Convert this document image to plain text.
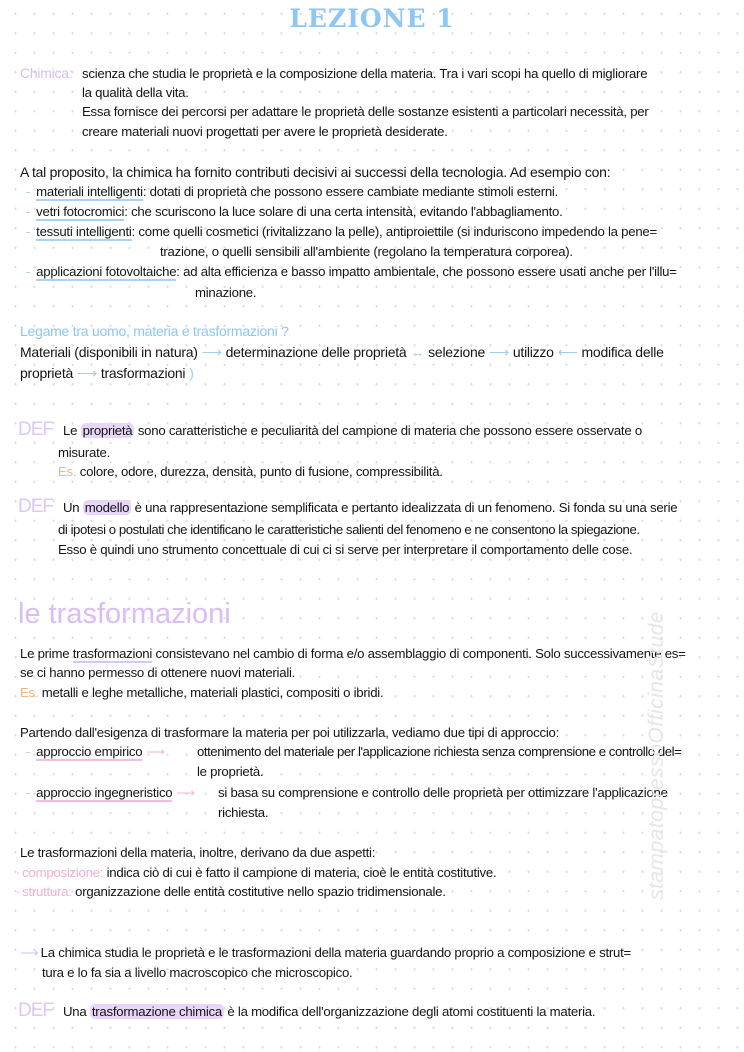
LEZIONE 1
Chimica: scienza che studia le proprietà e la composizione della materia. Tra i vari scopi ha quello di migliorare
la qualità della vita.
Essa fornisce dei percorsi per adattare le proprietà delle sostanze esistenti a particolari necessità, per
creare materiali nuovi progettati per avere le proprietà desiderate.
A tal proposito, la chimica ha fornito contributi decisivi ai successi della tecnologia. Ad esempio con:
- materiali intelligenti: dotati di proprietà che possono essere cambiate mediante stimoli esterni.
- vetri fotocromici: che scuriscono la luce solare di una certa intensità, evitando l'abbagliamento.
- tessuti intelligenti: come quelli cosmetici (rivitalizzano la pelle), antiproiettile (si induriscono impedendo la pene=
trazione, o quelli sensibili all'ambiente (regolano la temperatura corporea).
- applicazioni fotovoltaiche: ad alta efficienza e basso impatto ambientale, che possono essere usati anche per l'illu=
minazione.
Legame tra uomo, materia e trasformazioni ?
Materiali (disponibili in natura) ⟶ determinazione delle proprietà ↔ selezione ⟶ utilizzo ⟵ modifica delle
proprietà ⟶ trasformazioni )
DEF Le proprietà sono caratteristiche e peculiarità del campione di materia che possono essere osservate o
misurate.
Es. colore, odore, durezza, densità, punto di fusione, compressibilità.
DEF Un modello è una rappresentazione semplificata e pertanto idealizzata di un fenomeno. Si fonda su una serie
di ipotesi o postulati che identificano le caratteristiche salienti del fenomeno e ne consentono la spiegazione.
Esso è quindi uno strumento concettuale di cui ci si serve per interpretare il comportamento delle cose.
le trasformazioni
Le prime trasformazioni consistevano nel cambio di forma e/o assemblaggio di componenti. Solo successivamente es=
se ci hanno permesso di ottenere nuovi materiali.
Es. metalli e leghe metalliche, materiali plastici, compositi o ibridi.
Partendo dall'esigenza di trasformare la materia per poi utilizzarla, vediamo due tipi di approccio:
- approccio empirico ⟶	ottenimento del materiale per l'applicazione richiesta senza comprensione e controllo del=
le proprietà.
- approccio ingegneristico ⟶	si basa su comprensione e controllo delle proprietà per ottimizzare l'applicazione
richiesta.
Le trasformazioni della materia, inoltre, derivano da due aspetti:
· composizione: indica ciò di cui è fatto il campione di materia, cioè le entità costitutive.
· struttura: organizzazione delle entità costitutive nello spazio tridimensionale.
⟶ La chimica studia le proprietà e le trasformazioni della materia guardando proprio a composizione e strut=
tura e lo fa sia a livello macroscopico che microscopico.
DEF Una trasformazione chimica è la modifica dell'organizzazione degli atomi costituenti la materia.
stampatopressoOfficinaStude
